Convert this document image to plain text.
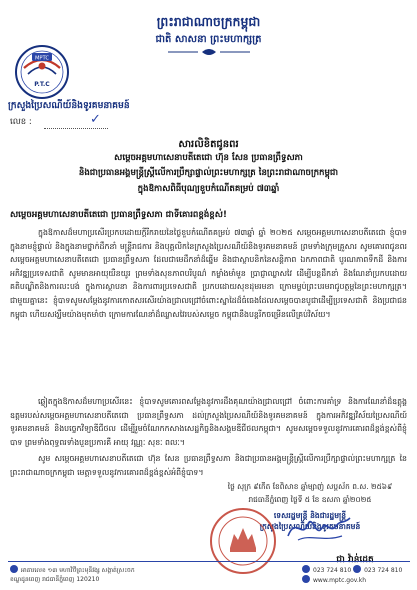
ព្រះរាជាណាចក្រកម្ពុជា
ជាតិ សាសនា ព្រះមហាក្សត្រ
MPTC
P.T.C
ក្រសួងប្រៃសណីយ៍និងទូរគមនាគមន៍
លេខ :	✓
សារលិខិតជូនពរ
សម្តេចអគ្គមហាសេនាបតីតេជោ ហ៊ុន សែន ប្រធានព្រឹទ្ធសភា
និងជាប្រធានអង្គមន្ត្រីស្រ្តីលើការប្រឹក្សាផ្ទាល់ព្រះមហាក្សត្រ នៃព្រះរាជាណាចក្រកម្ពុជា
ក្នុងឱកាសពិធីបុណ្យខួបកំណើតគម្រប់ ៧៣ឆ្នាំ
សម្តេចអគ្គមហាសេនាបតីតេជោ ប្រធានព្រឹទ្ធសភា ជាទីគោរពខ្ពង់ខ្ពស់!
ក្នុងឱកាសដ៏មហាប្រសើរប្រកបដោយក្តីរីករាយនៃថ្ងៃខួបកំណើតគម្រប់ ៧៣ឆ្នាំ ឆ្នាំ ២០២៥ សម្តេចអគ្គមហាសេនាបតីតេជោ ខ្ញុំបាទក្នុងនាមខ្ញុំផ្ទាល់ និងក្នុងនាមថ្នាក់ដឹកនាំ មន្ត្រីរាជការ និងបុគ្គលិកនៃក្រសួងប្រៃសណីយ៍និងទូរគមនាគមន៍ ព្រមទាំងក្រុមគ្រួសារ សូមគោរពជូនពរ សម្តេចអគ្គមហាសេនាបតីតេជោ ប្រធានព្រឹទ្ធសភា ដែលជាមេដឹកនាំដ៏ឆ្នើម និងជាស្ថាបនិកនៃសន្តិភាព ឯកភាពជាតិ បូរណភាពទឹកដី និងការអភិវឌ្ឍប្រទេសជាតិ សូមមានអាយុយឺនយូរ ព្រមទាំងសុខភាពបរិបូណ៌ កម្លាំងមាំមួន ប្រាជ្ញាឈ្លាសវៃ ដើម្បីបន្តដឹកនាំ និងណែនាំប្រកបដោយគតិបណ្ឌិតនិងការលះបង់ ក្នុងការស្ថាបនា និងការពារប្រទេសជាតិ ប្រកបដោយសុខដុមរមនា ក្រោមម្លប់ព្រះបរមរាជូបត្ថម្ភនៃព្រះមហាក្សត្រ។ ជាមួយគ្នានេះ ខ្ញុំបាទសូមសម្តែងនូវការកោតសរសើរយ៉ាងជ្រាលជ្រៅចំពោះស្នាដៃដ៏ធំធេងដែលសម្តេចបានបូជាដើម្បីប្រទេសជាតិ និងប្រជាជនកម្ពុជា ហើយសង្ឃឹមយ៉ាងមុតមាំថា ក្រោមការណែនាំដ៏ឈ្លាសវៃរបស់សម្តេច កម្ពុជានឹងបន្តរីកចម្រើនលើគ្រប់វិស័យ។
ឆ្លៀតក្នុងឱកាសដ៏មហាប្រសើរនេះ ខ្ញុំបាទសូមគោរពសម្តែងនូវការដឹងគុណយ៉ាងជ្រាលជ្រៅ ចំពោះការគាំទ្រ និងការណែនាំដ៏ឧត្តុង្គឧត្តមរបស់សម្តេចអគ្គមហាសេនាបតីតេជោ ប្រធានព្រឹទ្ធសភា ដល់ក្រសួងប្រៃសណីយ៍និងទូរគមនាគមន៍ ក្នុងការអភិវឌ្ឍវិស័យប្រៃសណីយ៍ ទូរគមនាគមន៍ និងបច្ចេកវិទ្យាឌីជីថល ដើម្បីរួមចំណែកកសាងសេដ្ឋកិច្ចនិងសង្គមឌីជីថលកម្ពុជា។ សូមសម្តេចទទួលនូវការគោរពដ៏ខ្ពង់ខ្ពស់ពីខ្ញុំបាទ ព្រមទាំងពុទ្ធពរទាំងបួនប្រការគឺ អាយុ វណ្ណៈ សុខៈ ពលៈ។
សូម សម្តេចអគ្គមហាសេនាបតីតេជោ ហ៊ុន សែន ប្រធានព្រឹទ្ធសភា និងជាប្រធានអង្គមន្ត្រីស្រ្តីលើការប្រឹក្សាផ្ទាល់ព្រះមហាក្សត្រ នៃព្រះរាជាណាចក្រកម្ពុជា មេត្តាទទួលនូវការគោរពដ៏ខ្ពង់ខ្ពស់អំពីខ្ញុំបាទ។
ថ្ងៃ សុក្រ ៩កើត ខែពិសាខ ឆ្នាំម្សាញ់ សប្តស័ក ព.ស. ២៥៦៩
រាជធានីភ្នំពេញ ថ្ងៃទី ៥ ខែ ឧសភា ឆ្នាំ២០២៥
ទេសរដ្ឋមន្ត្រី និងជារដ្ឋមន្ត្រី
ក្រសួងប្រៃសណីយ៍និងទូរគមនាគមន៍
ជា វ៉ាន់ដេត
អាគារលេខ ១៣ មហាវិថីព្រះមុនីវង្ស សង្កាត់ស្រះចក
ខណ្ឌដូនពេញ រាជធានីភ្នំពេញ 120210
023 724 810 023 724 810
www.mptc.gov.kh
